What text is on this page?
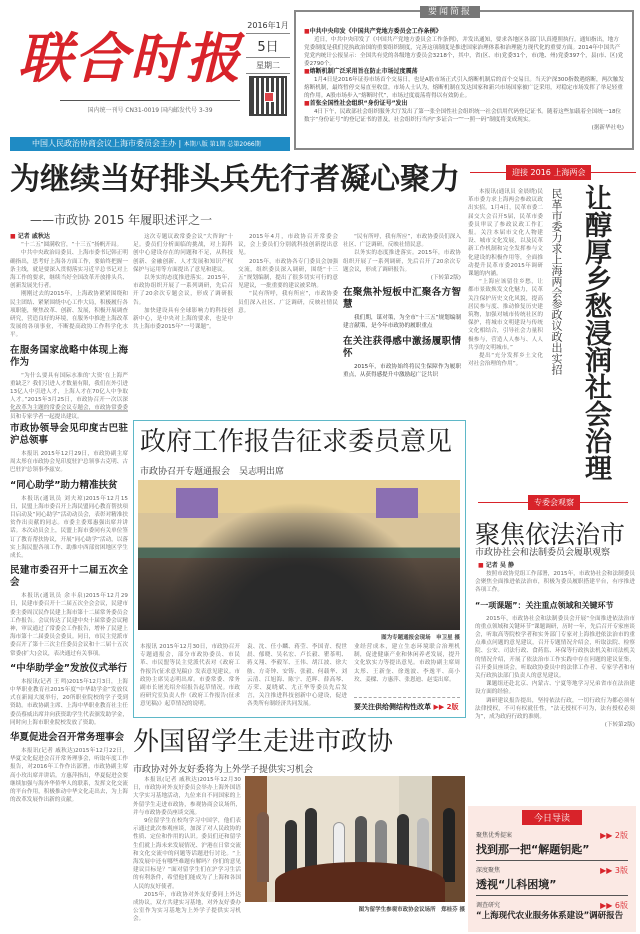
联合时报
国内统一刊号 CN31-0019 国内邮发代号 3-39
2016年1月
5日
星期二
要闻简报
■ 中共中央印发《中国共产党地方委员会工作条例》

近日，中共中央印发了《中国共产党地方委员会工作条例》，并发出通知，要求各地区各部门认真遵照执行。通知指出，地方党委制度是我们党执政治国的重要组织制度，完善这项制度是推进国家治理体系和治理能力现代化的重要方面。2014年中国共产党党内统计公报显示：全国共有党的各级地方委员会3218个，其中，省(区、市)党委31个，市(地、州)党委397个，县(市、区)党委2790个。

■ 熔断机制广泛采用旨在防止市场过度震荡

1月4日是2016年证券市场首个交易日，也是A股市场正式引入熔断机制后的首个交易日。当天沪深300指数遇熔断，两次触发熔断机制，最终暂停交易直至收盘。市场人士认为，熔断机制在发达国家和新兴市场国家被广泛采用，对稳定市场发挥了举足轻重的作用。A股市场步入“熔断时代”，市场过度震荡将得以有效防止。

■ 首张全国性社会组织“身份证号”发出

4日下午，民政部社会组织服务大厅发出了第一张全国性社会组织统一社会信用代码登记证书。随着这些加载着全国统一18位数字“身份证号”的登记证书的普及，社会组织行当内“多证合一”“一照一码”制度将变成现实。

(据新华社电)
中国人民政治协商会议上海市委员会主办 | 本期八版 第1期 总第2066期
为继续当好排头兵先行者凝心聚力
——市政协 2015 年履职述评之一
■ 记者 戚秋达

“十二五”圆满收官，“十三五”扬帆开局。

中共中央政治局委员、上海市委书记韩正明确指出，思考好上海各方面工作，要始终把握一条主线，就是要深入贯彻落实习近平总书记对上海工作的要求，继续当好全国改革开放排头兵、创新发展先行者。

刚刚过去的2015年，上海政协紧紧围绕和民主团结、紧紧围绕中心工作大局，积极履行各项职能，聚焦改革、创新、发展，积极开展调查研究，营造良好的环境，在服务中推进上海改革发展的各项事业，不断提高政协工作科学化水平。

在服务国家战略中体现上海作为

“为什么要具有国际水准的‘大资’在上海严重缺乏？我们引进人才数量有限，我们在外引进13亿人中引进人才，上海人才在70亿人中争取人才。”2015年3月25日，市政协召开一次以深化改革为主题的常委会议专题会，市政协常委委员和专家学者一起提出建议。

这次专题议政常委会议“大咨询”十足。委员们分析面临的挑战，对上海科创中心建设存在的问题和不足，从科技创新、金融创新、人才发展和知识产权保护与运用等方面提出了意见和建议。

以务实的态度推进落实。2015年，市政协组织开展了一系列调研，先后召开了20余次专题会议，形成了调研报告。

加快建设具有全球影响力的科技创新中心，是中央对上海的要求，也是中共上海市委2015年“一号课题”。

2015年4月，市政协召开常委会议，会上委员们分别就科技创新提出意见。

2015年，市政协各专门委员会加强交流，组织委员深入调研，围绕“十三五”规划编制，提出了很多切实可行的意见建议，一批重要的建议被采纳。

“民有所呼，我有所应”，市政协委员们深入社区、广泛调研，反映社情民意。

“民有所呼，我有所应”，市政协委员们深入社区、广泛调研，反映社情民意。

以务实的态度推进落实。2015年，市政协组织开展了一系列调研，先后召开了20余次专题会议，形成了调研报告。

(下转第2版)
在聚焦补短板中汇聚各方智慧

我们期，谋对策，为全市“十三五”规划编制建言献策，是今年市政协的履职重点

在关注获得感中激扬履职情怀

2015年，市政协始终将民生保障作为履职重点，从获得感提升中激励起广泛共识

市政协领导会见印度古巴驻沪总领事

本报讯 2015年12月29日，市政协副主席周太彤在市政协会见印度驻沪总领事古克明、古巴驻沪总领事李兹安。

“同心助学”助力精准扶贫

本报讯(通讯员 刘夫琼)2015年12月15日，民盟上海市委召开上海民盟同心教育帮扶项目启动及“同心助学”活动动员会，表彰对精准扶贫作出贡献的同志。市委主委郑惠强出席并讲话。本次动员会上，民盟上海市委同有关单位签订了教育帮扶协议，开展“同心助学”活动，以落实上海民盟各项工作、助推中西部贫困地区学生成长。

民建市委召开十二届五次全会

本报讯(通讯员 余丰泉)2015年12月29日，民建市委召开十二届五次全会会议，民建市委主委周汉民作民建上海市第十二届常务委员会工作报告。会议传达了民建中央十届常委会议精神，审议通过了常委会工作报告，增补了民建上海市第十二届委员会委员。同日，市民主党派市委召开了第十三次主任委员会议和十二届十五次常委(扩大)会议，表决通过有关事项。

“中华助学金”发放仪式举行

本报讯(记者 王 鸣)2015年12月3日，上海中华职业教育社2015年度“中华助学金”发放仪式在新闻大厦举行，20所职业院校的学子受到资助。市政协副主席、上海中华职业教育社主任委员蔡威出席并向获资助学生代表颁发助学金，同时向上海市职业院校发放了资助。

华夏促进会召开常务理事会

本报讯(记者 戚秋达)2015年12月22日，华夏文化促进会召开常务理事会，听取年度工作报告，对2016年工作作出部署。市政协副主席高小玫出席并讲话。方惠萍指出，华夏促进会要继续加强与海外华侨华人的联系，发挥文化交流的平台作用，积极推动中华文化走出去，为上海的改革发展作出新的贡献。

政府工作报告征求委员意见
市政协召开专题通报会　吴志明出席
图为专题通报会现场　申卫星 摄
本报讯 2015年12月30日，市政协召开专题通报会，部分市政协委员、市民革、市民盟等民主党派代表对《政府工作报告(征求意见稿)》发表意见建议。市政协主席吴志明出席。市委常委、常务副市长屠光绍介绍报告起草情况。市政府研究室负责人作《政府工作报告(征求意见稿)》起草情况的说明。
袁、沈、任小麟、蒋莹、李国青、倪世晨、郁晓、吴名宏、卢长毅、瞿茶明、蒋义翔、李毅军、王伟、胡江波、徐大舫、方奇钟、安铸、张毅、何载华、刘云清、江旭海、陈宁、范晖、薛高琴、万荣、夏晓斌、尤正华等委员先后发言，关注推进科技创新中心建设，促进各类所有制经济共同发展。
业经营成本，建立生态环境联合治理机制，促进健康产业和休闲养老发展，提升文化软实力等提出意见。市政协副主席周太彤、王新奎、徐逸波、李逸平、高小玫、姜樑、方惠萍、张恩迪、赵雯出席。
要关注供给侧结构性改革 ▶▶ 2版
外国留学生走进市政协
市政协对外友好委将为上外学子提供实习机会

本报讯(记者 戚秋达)2015年12月30日，市政协对外友好委员会举办上海外国语大学实习基地活动，九位来自不同国家的上外留学生走进市政协，参观协商会议场所，并与市政协委员座谈交流。

9位留学生在校均学习中国学，他们表示通过此次参观座谈，加深了对人民政协的性质、定位和作用的认识。委员们还和留学生们就上海未来发展情况、沪港在日常交流和文化交流中的问题等话题进行讨论。“上海发展中还有哪些难题有解吗？你们的意见建议目标是？”面对留学生们在沪学习生活的有利条件，希望他们能成为了上海和各国人民的友好使者。

2015年，市政协对外友好委同上外达成协议，双方共建实习基地，对外友好委办公室作为实习基地为上外学子提供实习机会。

图为留学生参观市政协会议场所　郑桂芬 摄
迎接 2016 上海两会

本报讯(通讯员 金晨晓)民革市委力求上海两会参政议政出实招。1月4日，民革市委二届交大会召开5届，民革市委委员审议了参政议政工作汇报。关注本届市文化人物建设、城市文化发展，以及民革新工作机制和完全发挥参与文化建设的积极作用等，全面推动提升民革市委2015年调研课题的内涵。

“上海应该留住乡愁，让都市景致焕发文化魅力，民革关注保护历史文化风貌，提高居民参与度、推动修复历史建筑物，加强对城市传统社区的保护，将城市文明建设与传统文化相结合，引导社会力量积极参与，营造人人参与、人人共享的文明城市。”

提出“充分发挥乡土文化对社会治理的作用”。	民革市委力求上海两会参政议政出实招 让醇厚乡愁浸润社会治理
专委会观察
聚焦依法治市
市政协社会和法制委员会履职观察
■ 记者 吴 静

按照市政协党组工作部署，2015年，市政协社会和法制委员会聚焦全面推进依法治市，积极为委员履职搭建平台，有序推进各项工作。

“一项课题”：关注重点领域和关键环节

2015年，市政协社会和法制委员会开展“全面推进依法治市的重点领域和关键环节”课题调研，历时一年，先后召开专家座谈会，听取高等院校学者和实务部门专家对上海推进依法治市的重点难点问题的意见建议，召开专题情况介绍会，听取法院、检察院、公安、司法行政、食药监、环保等行政执法机关和司法机关的情况介绍，开展了依法治市工作实践中存在问题的建议征集，召开委员座谈会，听取政协委员中的法律工作者、专家学者和有关行政执法部门负责人的意见建议。

课题组还赴北京、内蒙古、宁夏等地学习兄弟省市在法治建设方面的经验。

调研建议报告提出，坚持依法行政，一切行政行为都必须有法律授权，不可有权就任性，“法无授权不可为，法有授权必须为”，成为政府行政的准则。

(下转第2版)
今日导读
聚焦优秀提案	▶▶ 2版
找到那一把“解题钥匙”
深度聚焦	▶▶ 3版
透视“儿科困境”
调查研究	▶▶ 6版
“上海现代农业服务体系建设”调研报告
